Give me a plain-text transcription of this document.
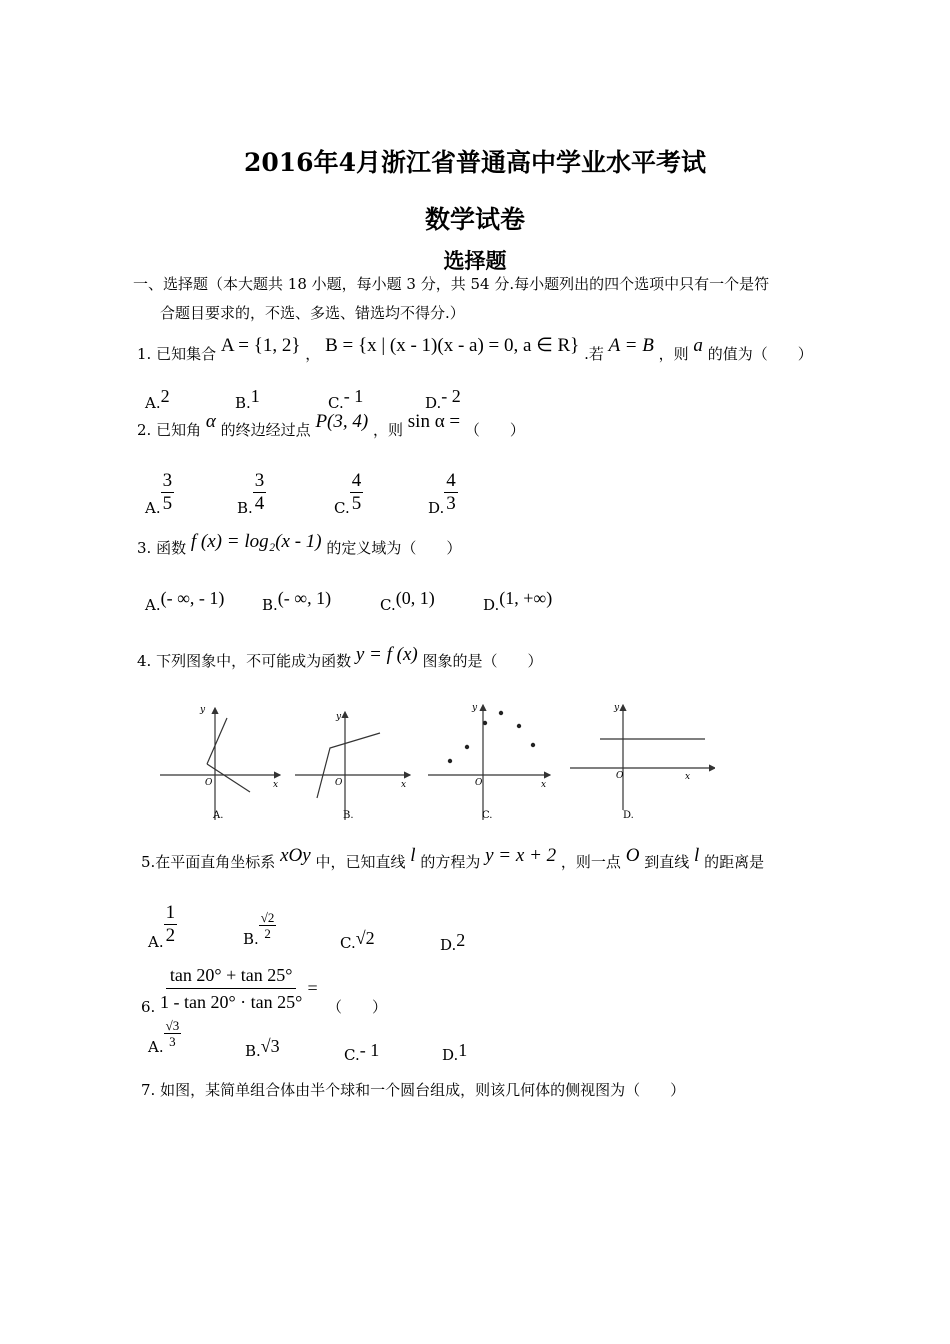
2016年4月浙江省普通高中学业水平考试
数学试卷
选择题
一、选择题（本大题共 18 小题，每小题 3 分，共 54 分.每小题列出的四个选项中只有一个是符
合题目要求的，不选、多选、错选均不得分.）
1. 已知集合 A = {1, 2} ， B = {x | (x - 1)(x - a) = 0, a ∈ R} .若 A = B ，则 a 的值为（　　）
A.2	B.1	C.- 1	D.- 2
2. 已知角 α 的终边经过点 P(3, 4) ，则 sin α = （　　）
A. $\frac{3}{5}$	B. $\frac{3}{4}$	C. $\frac{4}{5}$	D. $\frac{4}{3}$
3. 函数 f (x) = log₂(x - 1) 的定义域为（　　）
A.(- ∞, - 1)	B.(- ∞, 1)	C.(0, 1)	D.(1, +∞)
4. 下列图象中，不可能成为函数 y = f (x) 图象的是（　　）
y
x
O
A.
y
x
O
B.
y
x
O
C.
y
x
O
D.
5.在平面直角坐标系 xOy 中，已知直线 l 的方程为 y = x + 2 ，则一点 O 到直线 l 的距离是
A. $\frac{1}{2}$	B. $\frac{√2}{2}$
C.√2	D.2
6. $\frac{\tan 20^\circ + \tan 25^\circ}{1 - \tan 20^\circ \cdot \tan 25^\circ}$ =
（　　）
A. $\frac{√3}{3}$
B.√3	C.- 1	D.1
7. 如图，某简单组合体由半个球和一个圆台组成，则该几何体的侧视图为（　　）
